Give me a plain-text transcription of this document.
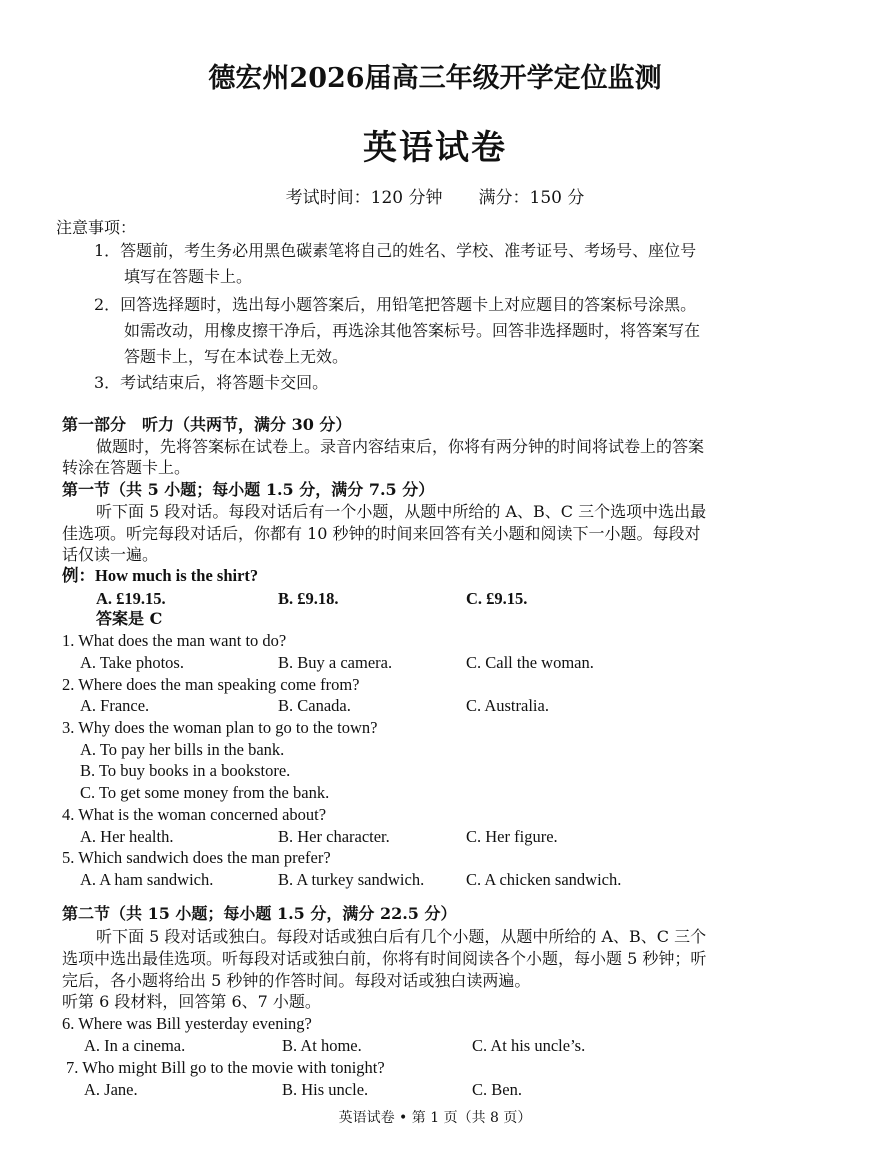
德宏州2026届高三年级开学定位监测
英语试卷
考试时间：120 分钟 满分：150 分
注意事项：
1．答题前，考生务必用黑色碳素笔将自己的姓名、学校、准考证号、考场号、座位号
填写在答题卡上。
2．回答选择题时，选出每小题答案后，用铅笔把答题卡上对应题目的答案标号涂黑。
如需改动，用橡皮擦干净后，再选涂其他答案标号。回答非选择题时，将答案写在
答题卡上，写在本试卷上无效。
3．考试结束后，将答题卡交回。
第一部分　听力（共两节，满分 30 分）
做题时，先将答案标在试卷上。录音内容结束后，你将有两分钟的时间将试卷上的答案
转涂在答题卡上。
第一节（共 5 小题；每小题 1.5 分，满分 7.5 分）
听下面 5 段对话。每段对话后有一个小题，从题中所给的 A、B、C 三个选项中选出最
佳选项。听完每段对话后，你都有 10 秒钟的时间来回答有关小题和阅读下一小题。每段对
话仅读一遍。
例：How much is the shirt?
A. £19.15.	B. £9.18.	C. £9.15.
答案是 C
1. What does the man want to do?
A. Take photos.	B. Buy a camera.	C. Call the woman.
2. Where does the man speaking come from?
A. France.	B. Canada.	C. Australia.
3. Why does the woman plan to go to the town?
A. To pay her bills in the bank.
B. To buy books in a bookstore.
C. To get some money from the bank.
4. What is the woman concerned about?
A. Her health.	B. Her character.	C. Her figure.
5. Which sandwich does the man prefer?
A. A ham sandwich.	B. A turkey sandwich.	C. A chicken sandwich.
第二节（共 15 小题；每小题 1.5 分，满分 22.5 分）
听下面 5 段对话或独白。每段对话或独白后有几个小题，从题中所给的 A、B、C 三个
选项中选出最佳选项。听每段对话或独白前，你将有时间阅读各个小题，每小题 5 秒钟；听
完后，各小题将给出 5 秒钟的作答时间。每段对话或独白读两遍。
听第 6 段材料，回答第 6、7 小题。
6. Where was Bill yesterday evening?
A. In a cinema.	B. At home.	C. At his uncle’s.
7. Who might Bill go to the movie with tonight?
A. Jane.	B. His uncle.	C. Ben.
英语试卷 • 第 1 页（共 8 页）
